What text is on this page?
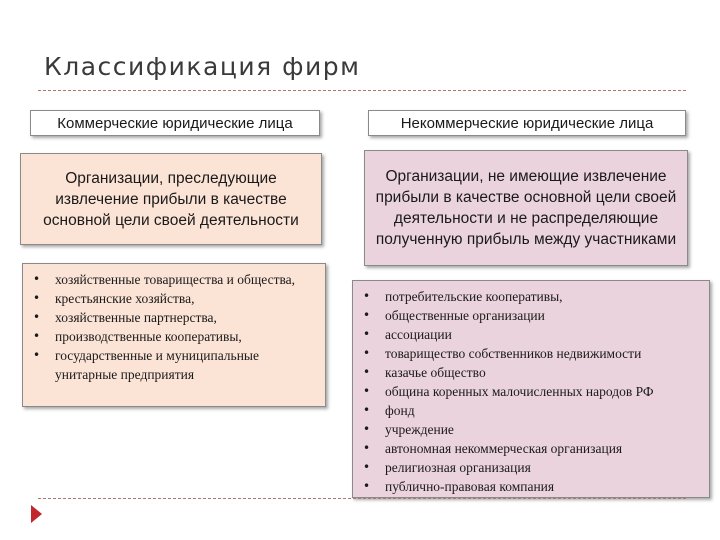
Классификация фирм
Коммерческие юридические лица
Организации, преследующие извлечение прибыли в качестве основной цели своей деятельности
• хозяйственные товарищества и общества,
• крестьянские хозяйства,
• хозяйственные партнерства,
• производственные кооперативы,
• государственные и муниципальные унитарные предприятия
Некоммерческие юридические лица
Организации, не имеющие извлечение прибыли в качестве основной цели своей деятельности и не распределяющие полученную прибыль между участниками
• потребительские кооперативы,
• общественные организации
• ассоциации
• товарищество собственников недвижимости
• казачье общество
• община коренных малочисленных народов РФ
• фонд
• учреждение
• автономная некоммерческая организация
• религиозная организация
• публично-правовая компания
